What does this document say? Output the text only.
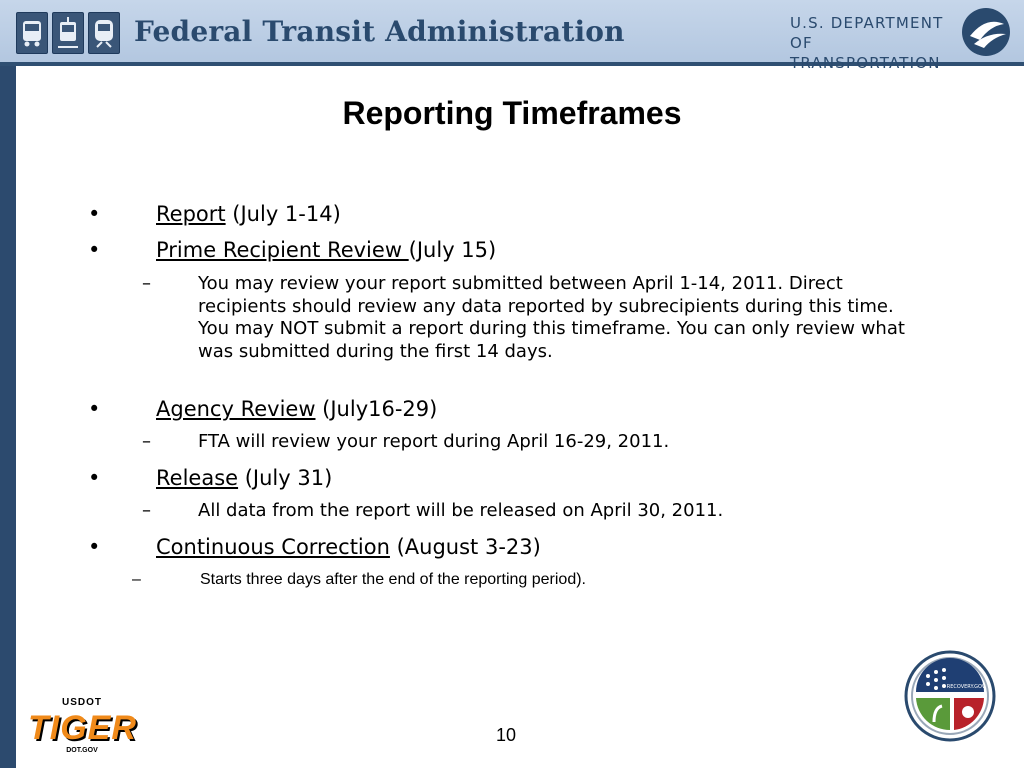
Federal Transit Administration	U.S. DEPARTMENT OF
TRANSPORTATION
Reporting Timeframes
•	Report (July 1-14)
•	Prime Recipient Review (July 15)
–	You may review your report submitted between April 1-14, 2011. Direct recipients should review any data reported by subrecipients during this time. You may NOT submit a report during this timeframe. You can only review what was submitted during the first 14 days.
•	Agency Review (July16-29)
–	FTA will review your report during April 16-29, 2011.
•	Release (July 31)
–	All data from the report will be released on April 30, 2011.
•	Continuous Correction (August 3-23)
–	Starts three days after the end of the reporting period).
10
USDOT
TIGER
DOT.GOV
RECOVERY.GOV
